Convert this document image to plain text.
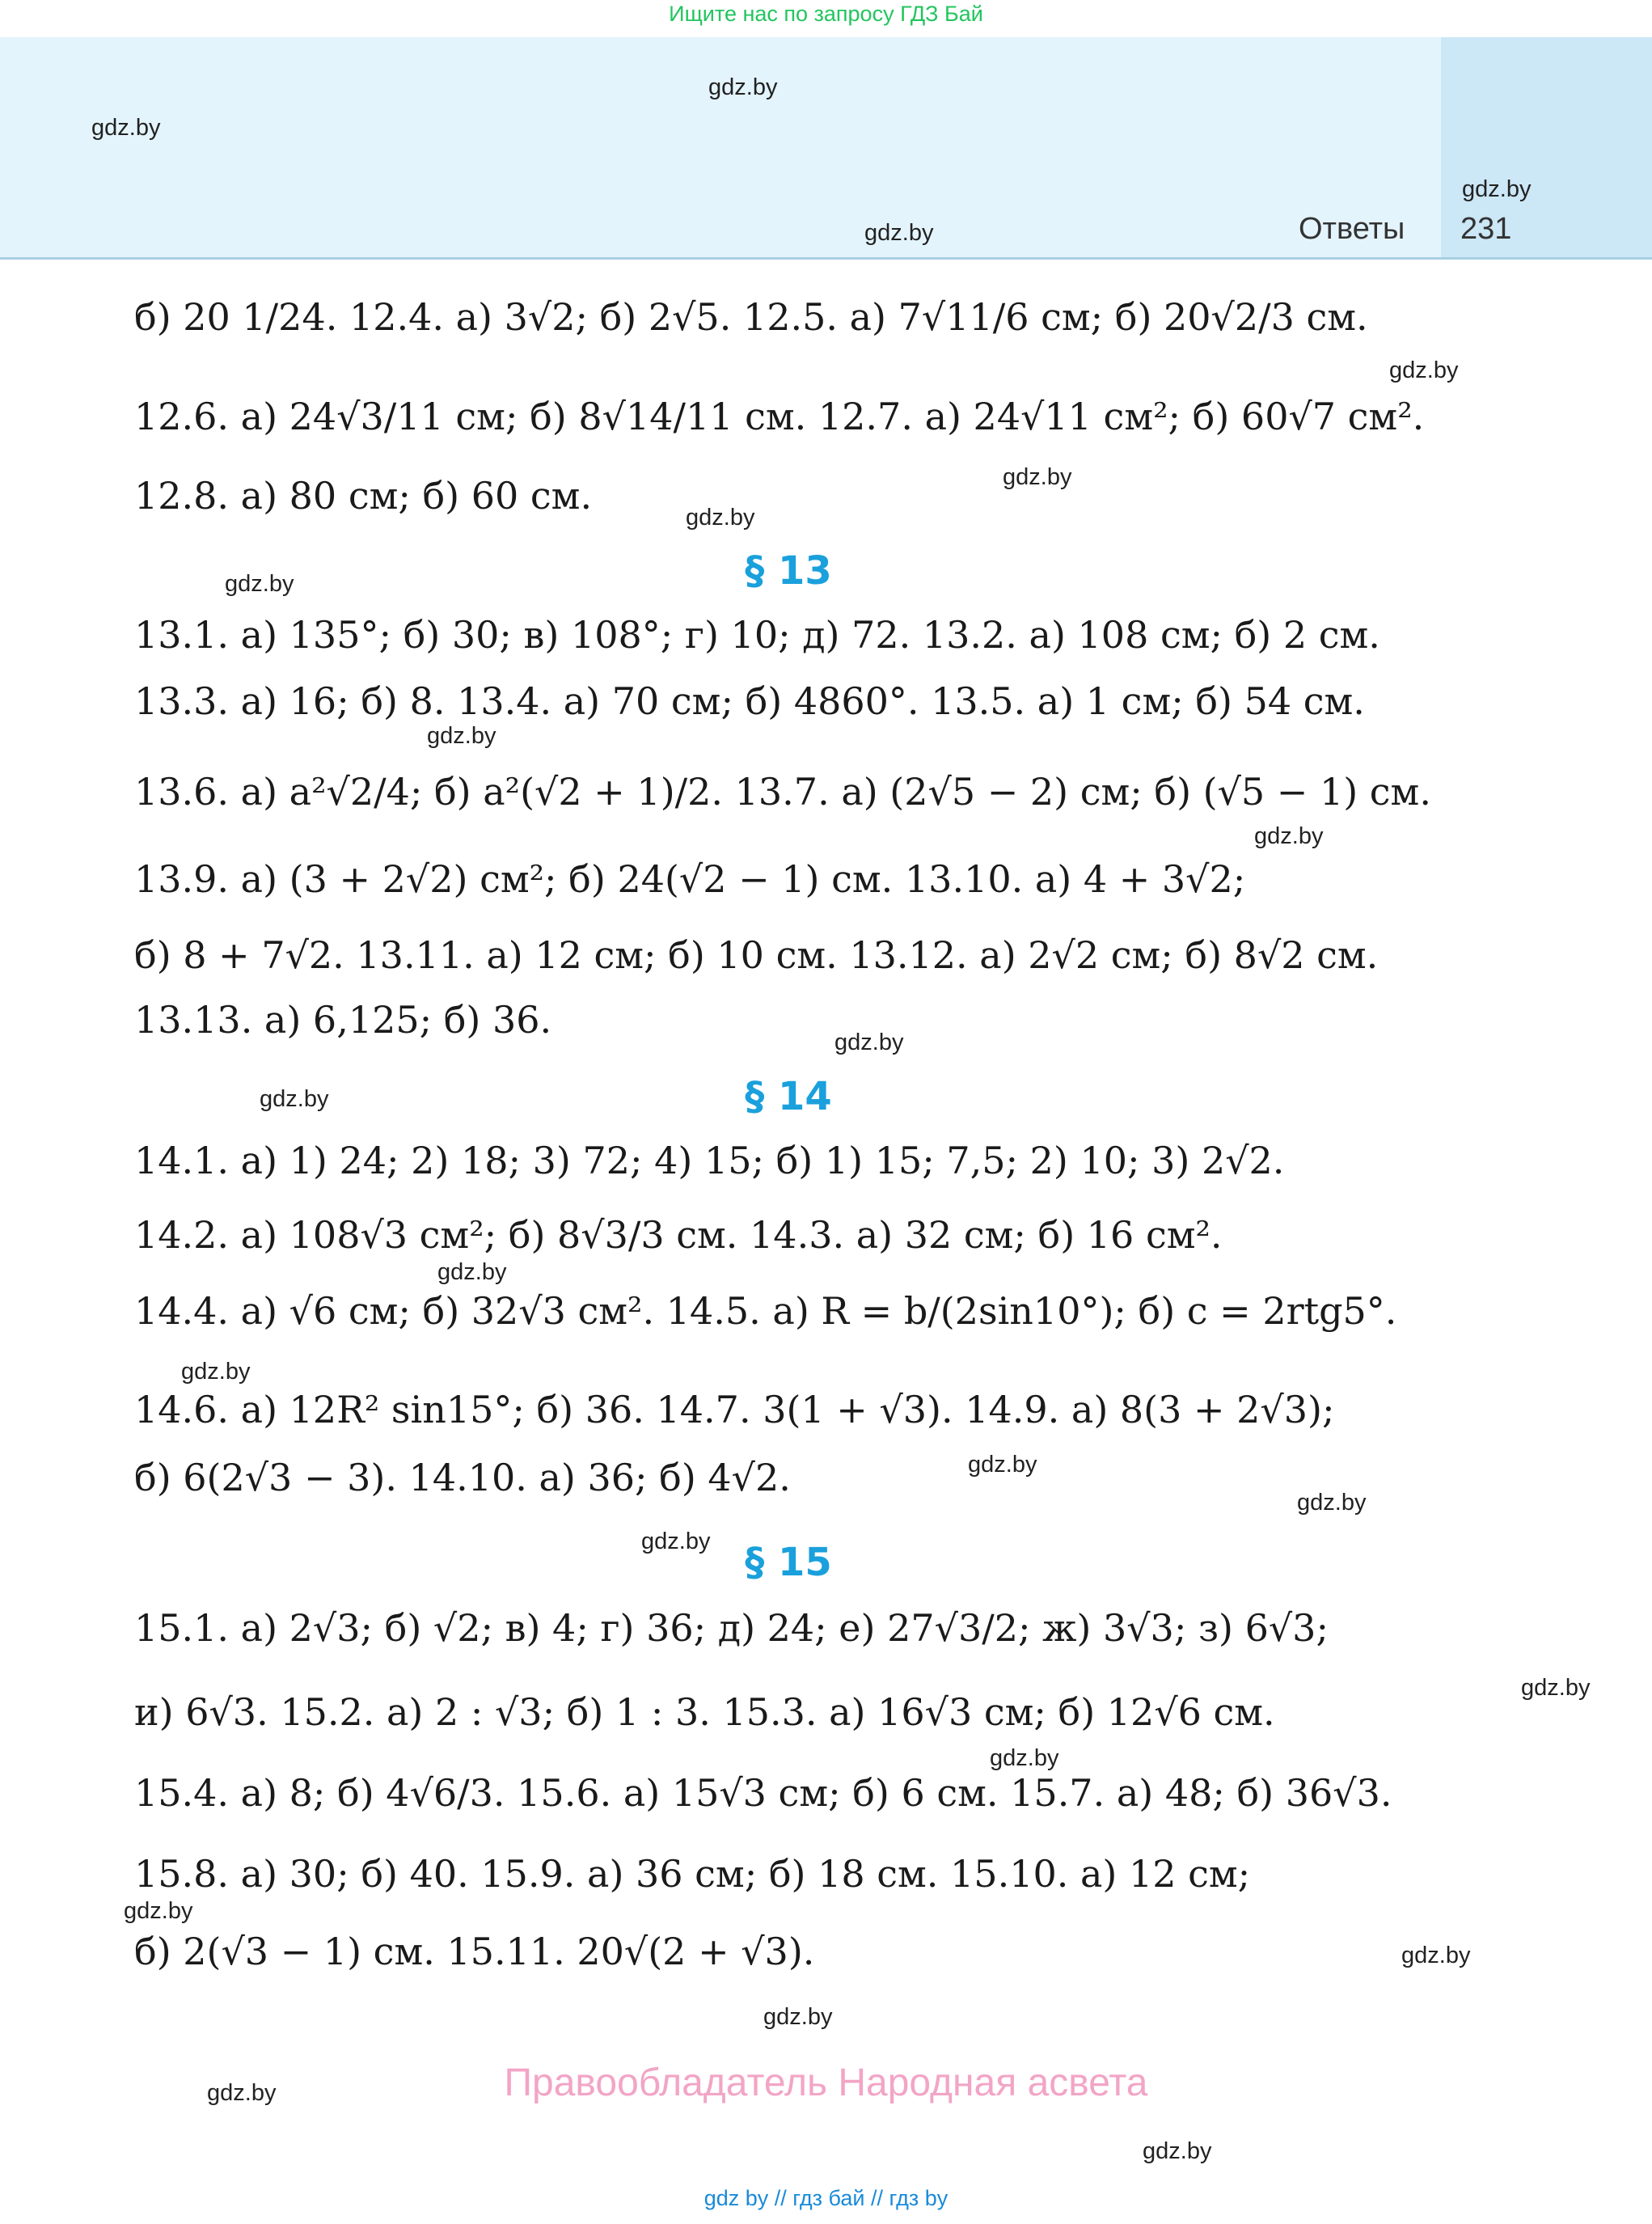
Ищите нас по запросу ГДЗ Бай
Ответы 231
gdz.by
gdz.by
gdz.by
gdz.by
gdz.by
gdz.by
gdz.by
gdz.by
gdz.by
gdz.by
gdz.by
gdz.by
gdz.by
gdz.by
gdz.by
gdz.by
gdz.by
gdz.by
gdz.by
gdz.by
gdz.by
gdz.by
gdz.by
gdz.by
б) 20 1/24. 12.4. а) 3√2; б) 2√5. 12.5. а) 7√11/6 см; б) 20√2/3 см.
12.6. а) 24√3/11 см; б) 8√14/11 см. 12.7. а) 24√11 см²; б) 60√7 см².
12.8. а) 80 см; б) 60 см.
§ 13
13.1. а) 135°; б) 30; в) 108°; г) 10; д) 72. 13.2. а) 108 см; б) 2 см.
13.3. а) 16; б) 8. 13.4. а) 70 см; б) 4860°. 13.5. а) 1 см; б) 54 см.
13.6. а) a²√2/4; б) a²(√2 + 1)/2. 13.7. а) (2√5 − 2) см; б) (√5 − 1) см.
13.9. а) (3 + 2√2) см²; б) 24(√2 − 1) см. 13.10. а) 4 + 3√2;
б) 8 + 7√2. 13.11. а) 12 см; б) 10 см. 13.12. а) 2√2 см; б) 8√2 см.
13.13. а) 6,125; б) 36.
§ 14
14.1. а) 1) 24; 2) 18; 3) 72; 4) 15; б) 1) 15; 7,5; 2) 10; 3) 2√2.
14.2. а) 108√3 см²; б) 8√3/3 см. 14.3. а) 32 см; б) 16 см².
14.4. а) √6 см; б) 32√3 см². 14.5. а) R = b/(2sin10°); б) c = 2rtg5°.
14.6. а) 12R² sin15°; б) 36. 14.7. 3(1 + √3). 14.9. а) 8(3 + 2√3);
б) 6(2√3 − 3). 14.10. а) 36; б) 4√2.
§ 15
15.1. а) 2√3; б) √2; в) 4; г) 36; д) 24; е) 27√3/2; ж) 3√3; з) 6√3;
и) 6√3. 15.2. а) 2 : √3; б) 1 : 3. 15.3. а) 16√3 см; б) 12√6 см.
15.4. а) 8; б) 4√6/3. 15.6. а) 15√3 см; б) 6 см. 15.7. а) 48; б) 36√3.
15.8. а) 30; б) 40. 15.9. а) 36 см; б) 18 см. 15.10. а) 12 см;
б) 2(√3 − 1) см. 15.11. 20√(2 + √3).
Правообладатель Народная асвета
gdz by // гдз бай // гдз by
